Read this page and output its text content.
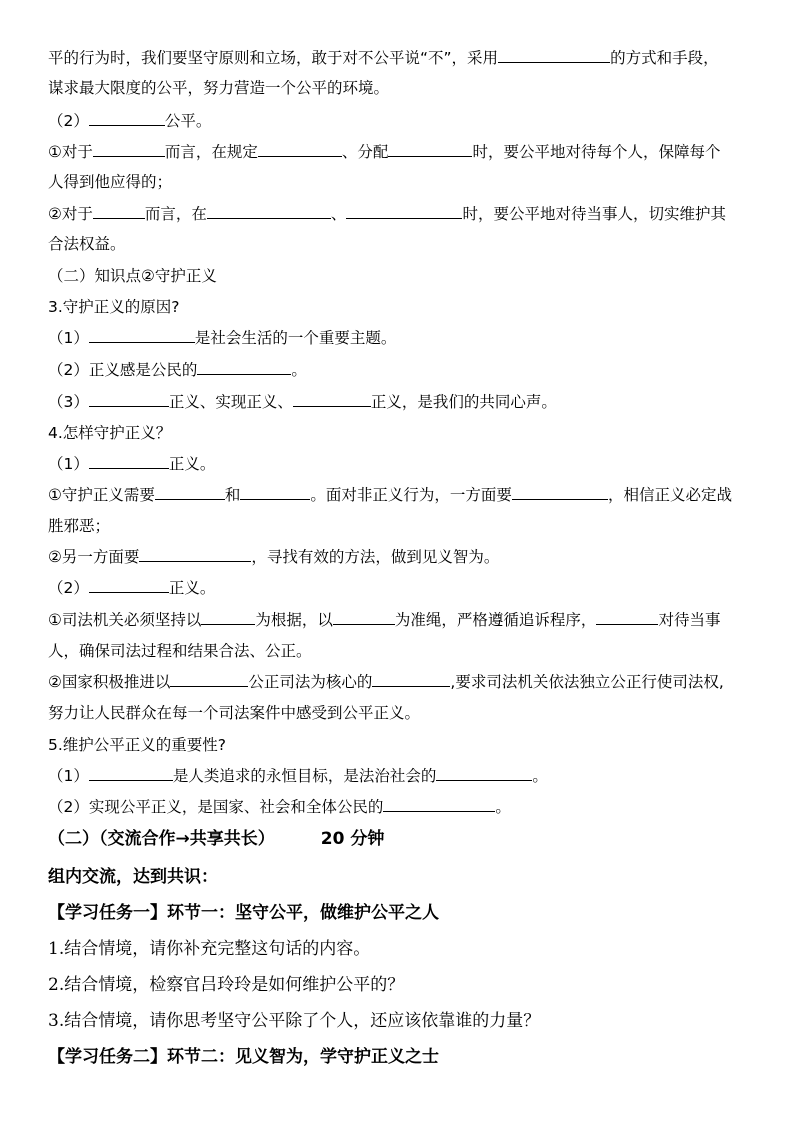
平的行为时，我们要坚守原则和立场，敢于对不公平说“不”，采用	的方式和手段，
谋求最大限度的公平，努力营造一个公平的环境。
（2）	公平。
①对于	而言，在规定	、分配	时，要公平地对待每个人，保障每个
人得到他应得的；
②对于	而言，在	、	时，要公平地对待当事人，切实维护其
合法权益。
（二）知识点②守护正义
3.守护正义的原因?
（1）	是社会生活的一个重要主题。
（2）正义感是公民的	。
（3）	正义、实现正义、	正义，是我们的共同心声。
4.怎样守护正义？
（1）	正义。
①守护正义需要	和	。面对非正义行为，一方面要	，相信正义必定战
胜邪恶；
②另一方面要	，寻找有效的方法，做到见义智为。
（2）	正义。
①司法机关必须坚持以	为根据，以	为准绳，严格遵循追诉程序，	对待当事
人，确保司法过程和结果合法、公正。
②国家积极推进以	公正司法为核心的	,要求司法机关依法独立公正行使司法权,
努力让人民群众在每一个司法案件中感受到公平正义。
5.维护公平正义的重要性?
（1）	是人类追求的永恒目标，是法治社会的	。
（2）实现公平正义，是国家、社会和全体公民的	。
（二）（交流合作→共享共长）	20 分钟
组内交流，达到共识：
【学习任务一】环节一：坚守公平，做维护公平之人
1.结合情境，请你补充完整这句话的内容。
2.结合情境，检察官吕玲玲是如何维护公平的？
3.结合情境，请你思考坚守公平除了个人，还应该依靠谁的力量？
【学习任务二】环节二：见义智为，学守护正义之士
